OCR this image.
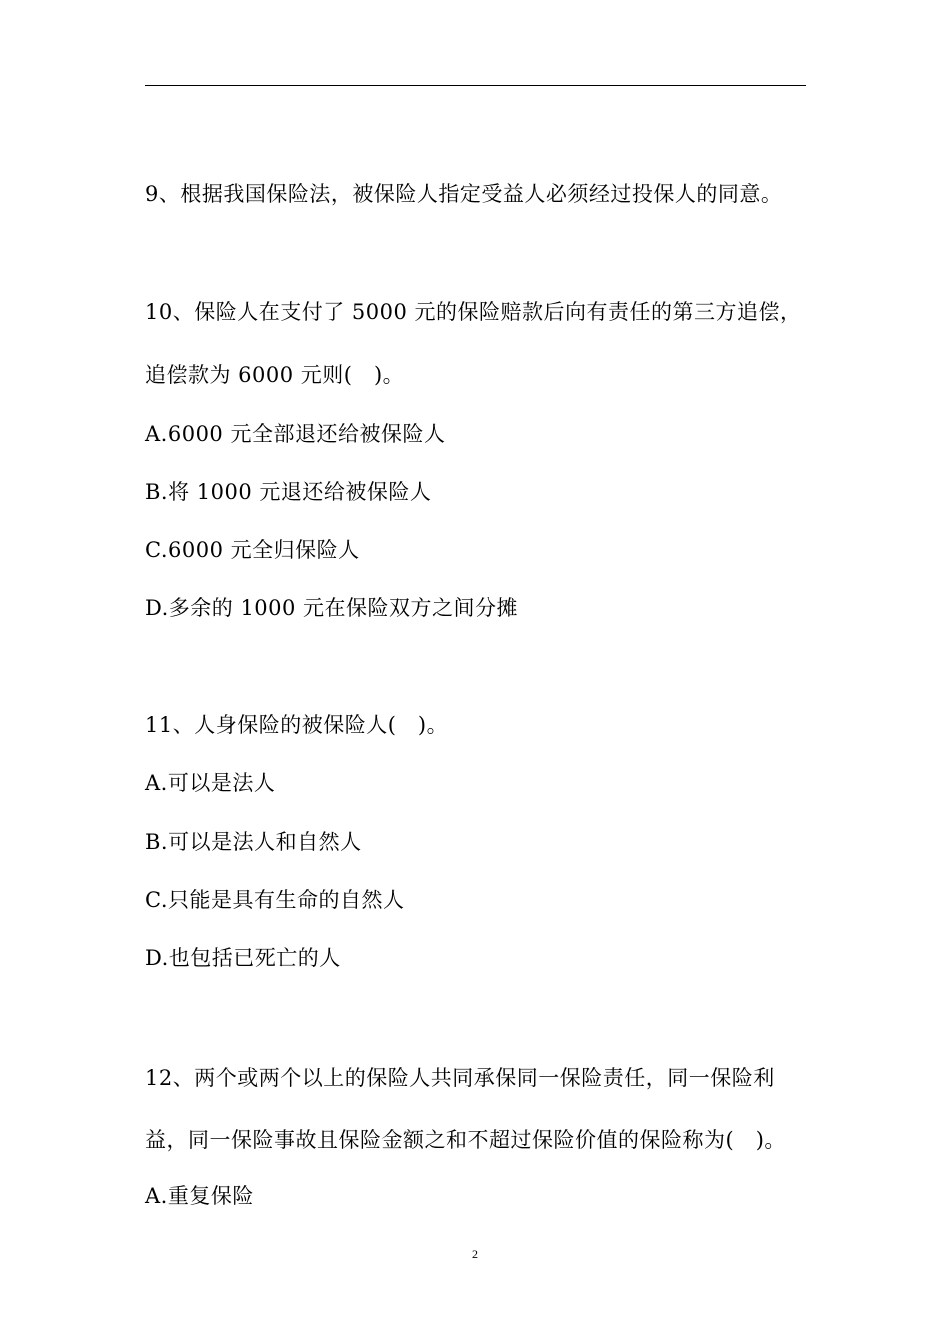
9、根据我国保险法，被保险人指定受益人必须经过投保人的同意。
10、保险人在支付了 5000 元的保险赔款后向有责任的第三方追偿，
追偿款为 6000 元则(　)。
A.6000 元全部退还给被保险人
B.将 1000 元退还给被保险人
C.6000 元全归保险人
D.多余的 1000 元在保险双方之间分摊
11、人身保险的被保险人(　)。
A.可以是法人
B.可以是法人和自然人
C.只能是具有生命的自然人
D.也包括已死亡的人
12、两个或两个以上的保险人共同承保同一保险责任，同一保险利
益，同一保险事故且保险金额之和不超过保险价值的保险称为(　)。
A.重复保险
2
